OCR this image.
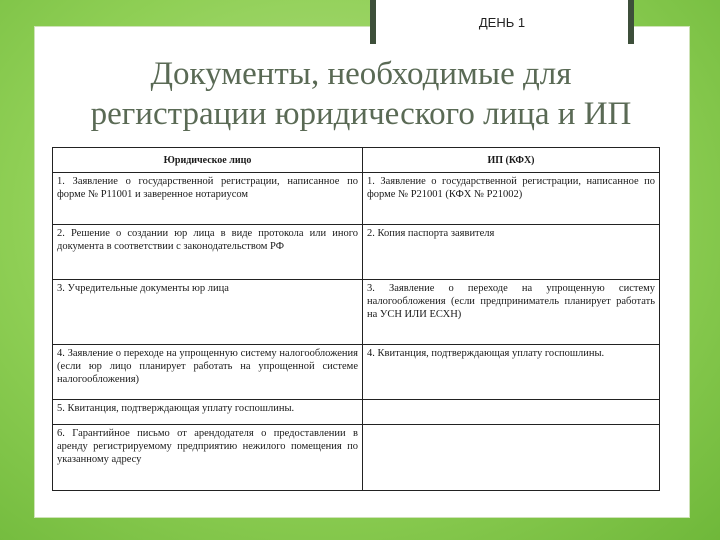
ДЕНЬ 1
Документы, необходимые для
регистрации юридического лица и ИП
Юридическое лицо	ИП (КФХ)
1. Заявление о государственной регистрации, написанное по форме № Р11001 и заверенное нотариусом	1. Заявление о государственной регистрации, написанное по форме № Р21001 (КФХ № Р21002)
2. Решение о создании юр лица в виде протокола или иного документа в соответствии с законодательством РФ	2. Копия паспорта заявителя
3. Учредительные документы юр лица	3. Заявление о переходе на упрощенную систему налогообложения (если предприниматель планирует работать на УСН ИЛИ ЕСХН)
4. Заявление о переходе на упрощенную систему налогообложения (если юр лицо планирует работать на упрощенной системе налогообложения)	4. Квитанция, подтверждающая уплату госпошлины.
5. Квитанция, подтверждающая уплату госпошлины.	
6. Гарантийное письмо от арендодателя о предоставлении в аренду регистрируемому предприятию нежилого помещения по указанному адресу	
